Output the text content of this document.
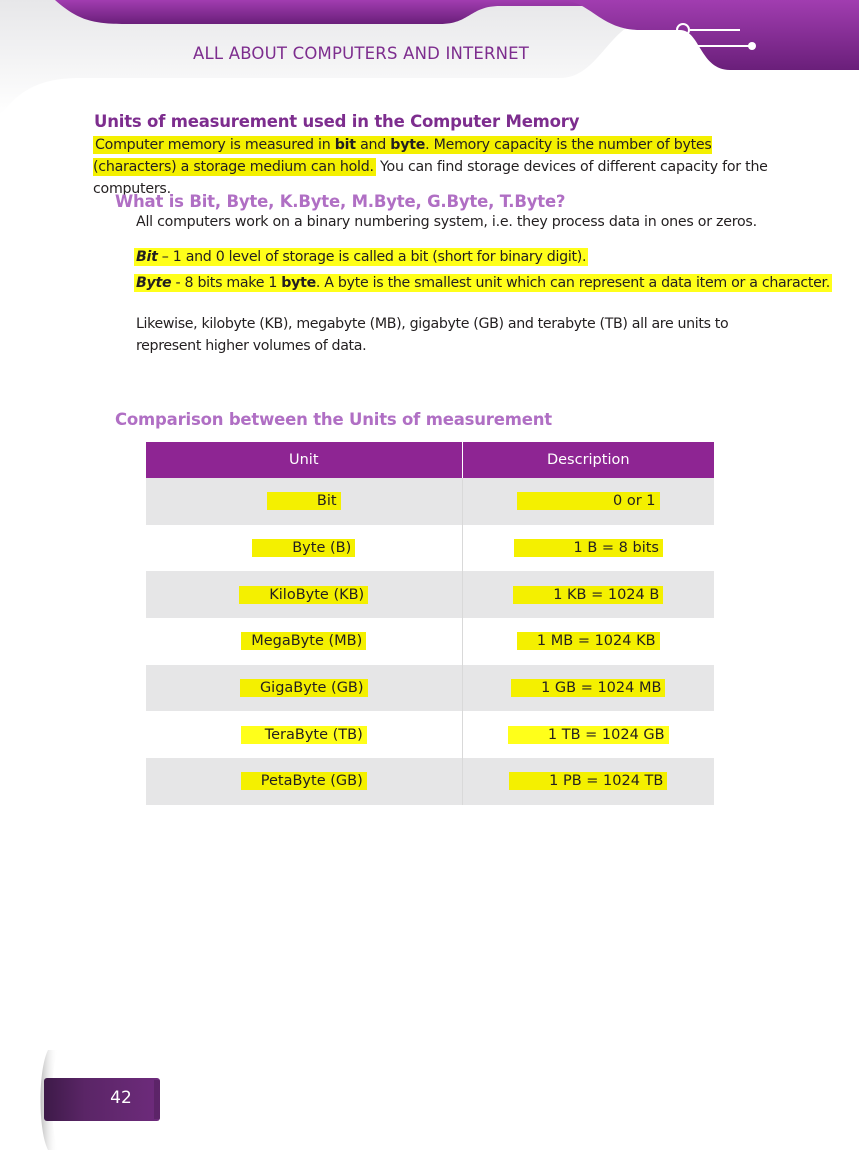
ALL ABOUT COMPUTERS AND INTERNET
Units of measurement used in the Computer Memory
Computer memory is measured in bit and byte. Memory capacity is the number of bytes (characters) a storage medium can hold. You can find storage devices of different capacity for the computers.
What is Bit, Byte, K.Byte, M.Byte, G.Byte, T.Byte?
All computers work on a binary numbering system, i.e. they process data in ones or zeros.
Bit – 1 and 0 level of storage is called a bit (short for binary digit).
Byte - 8 bits make 1 byte. A byte is the smallest unit which can represent a data item or a character.
Likewise, kilobyte (KB), megabyte (MB), gigabyte (GB) and terabyte (TB) all are units to represent higher volumes of data.
Comparison between the Units of measurement
Unit	Description
Bit	0 or 1
Byte (B)	1 B = 8 bits
KiloByte (KB)	1 KB = 1024 B
MegaByte (MB)	1 MB = 1024 KB
GigaByte (GB)	1 GB = 1024 MB
TeraByte (TB)	1 TB = 1024 GB
PetaByte (GB)	1 PB = 1024 TB
42
